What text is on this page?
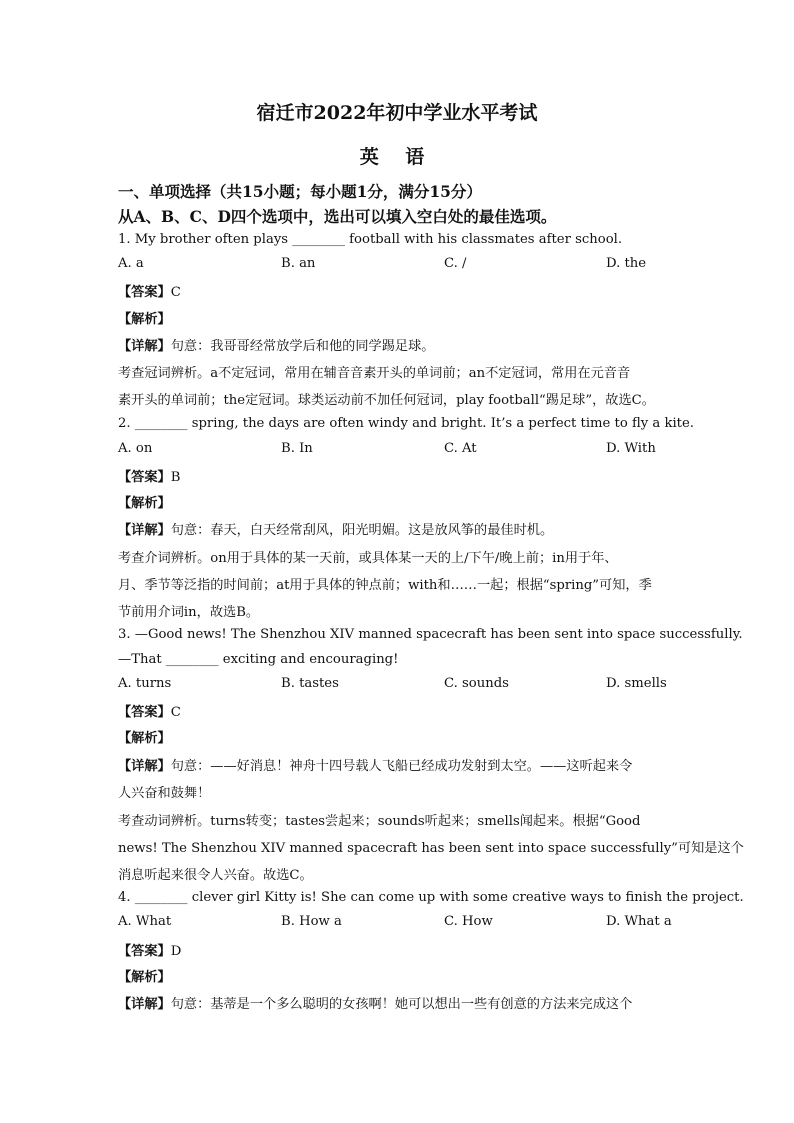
宿迁市2022年初中学业水平考试
英 语
一、单项选择（共15小题；每小题1分，满分15分）
从A、B、C、D四个选项中，选出可以填入空白处的最佳选项。
1. My brother often plays ________ football with his classmates after school.
A. a	B. an	C. /	D. the
【答案】C
【解析】
【详解】句意：我哥哥经常放学后和他的同学踢足球。
考查冠词辨析。a不定冠词，常用在辅音音素开头的单词前；an不定冠词，常用在元音音
素开头的单词前；the定冠词。球类运动前不加任何冠词，play football“踢足球”，故选C。
2. ________ spring, the days are often windy and bright. It’s a perfect time to fly a kite.
A. on	B. In	C. At	D. With
【答案】B
【解析】
【详解】句意：春天，白天经常刮风，阳光明媚。这是放风筝的最佳时机。
考查介词辨析。on用于具体的某一天前，或具体某一天的上/下午/晚上前；in用于年、
月、季节等泛指的时间前；at用于具体的钟点前；with和……一起；根据“spring”可知，季
节前用介词in，故选B。
3. —Good news! The Shenzhou XIV manned spacecraft has been sent into space successfully.
—That ________ exciting and encouraging!
A. turns	B. tastes	C. sounds	D. smells
【答案】C
【解析】
【详解】句意：——好消息！神舟十四号载人飞船已经成功发射到太空。——这听起来令
人兴奋和鼓舞！
考查动词辨析。turns转变；tastes尝起来；sounds听起来；smells闻起来。根据“Good
news! The Shenzhou XIV manned spacecraft has been sent into space successfully”可知是这个
消息听起来很令人兴奋。故选C。
4. ________ clever girl Kitty is! She can come up with some creative ways to finish the project.
A. What	B. How a	C. How	D. What a
【答案】D
【解析】
【详解】句意：基蒂是一个多么聪明的女孩啊！她可以想出一些有创意的方法来完成这个
